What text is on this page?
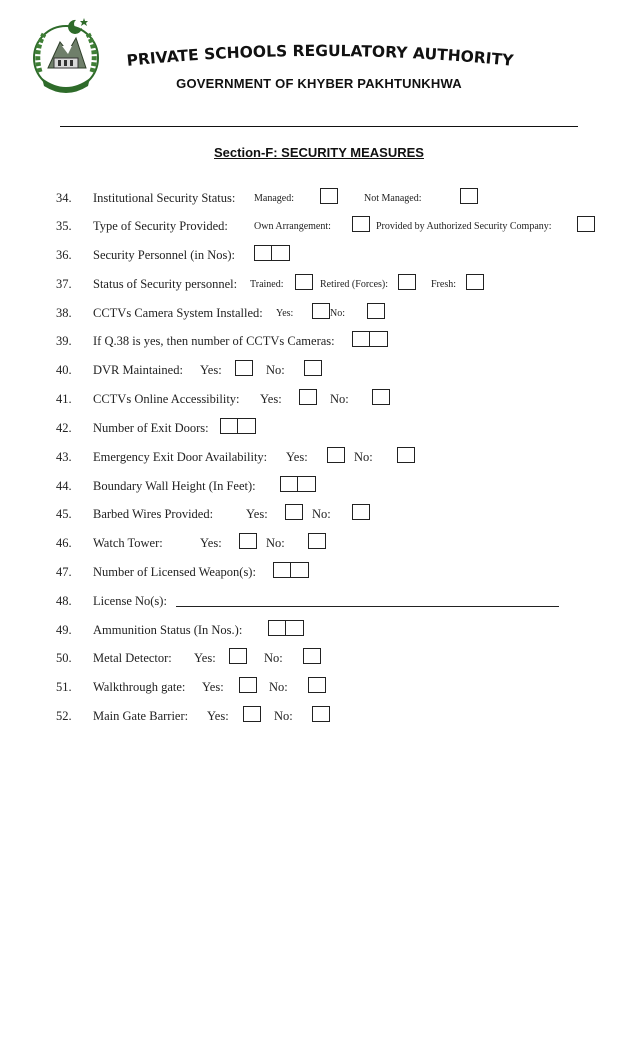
PRIVATE SCHOOLS REGULATORY AUTHORITY
GOVERNMENT OF KHYBER PAKHTUNKHWA
Section-F: SECURITY MEASURES
34. Institutional Security Status: Managed:	Not Managed:
35. Type of Security Provided:	Own Arrangement:	Provided by Authorized Security Company:
36. Security Personnel (in Nos):
37. Status of Security personnel: Trained:	Retired (Forces):	Fresh:
38. CCTVs Camera System Installed: Yes:	No:
39. If Q.38 is yes, then number of CCTVs Cameras:
40. DVR Maintained: Yes:	No:
41. CCTVs Online Accessibility: Yes:	No:
42. Number of Exit Doors:
43. Emergency Exit Door Availability: Yes:	No:
44. Boundary Wall Height (In Feet):
45. Barbed Wires Provided:	Yes:	No:
46. Watch Tower:	Yes:	No:
47. Number of Licensed Weapon(s):
48. License No(s):
49. Ammunition Status (In Nos.):
50. Metal Detector: Yes:	No:
51. Walkthrough gate: Yes:	No:
52. Main Gate Barrier: Yes:	No:
